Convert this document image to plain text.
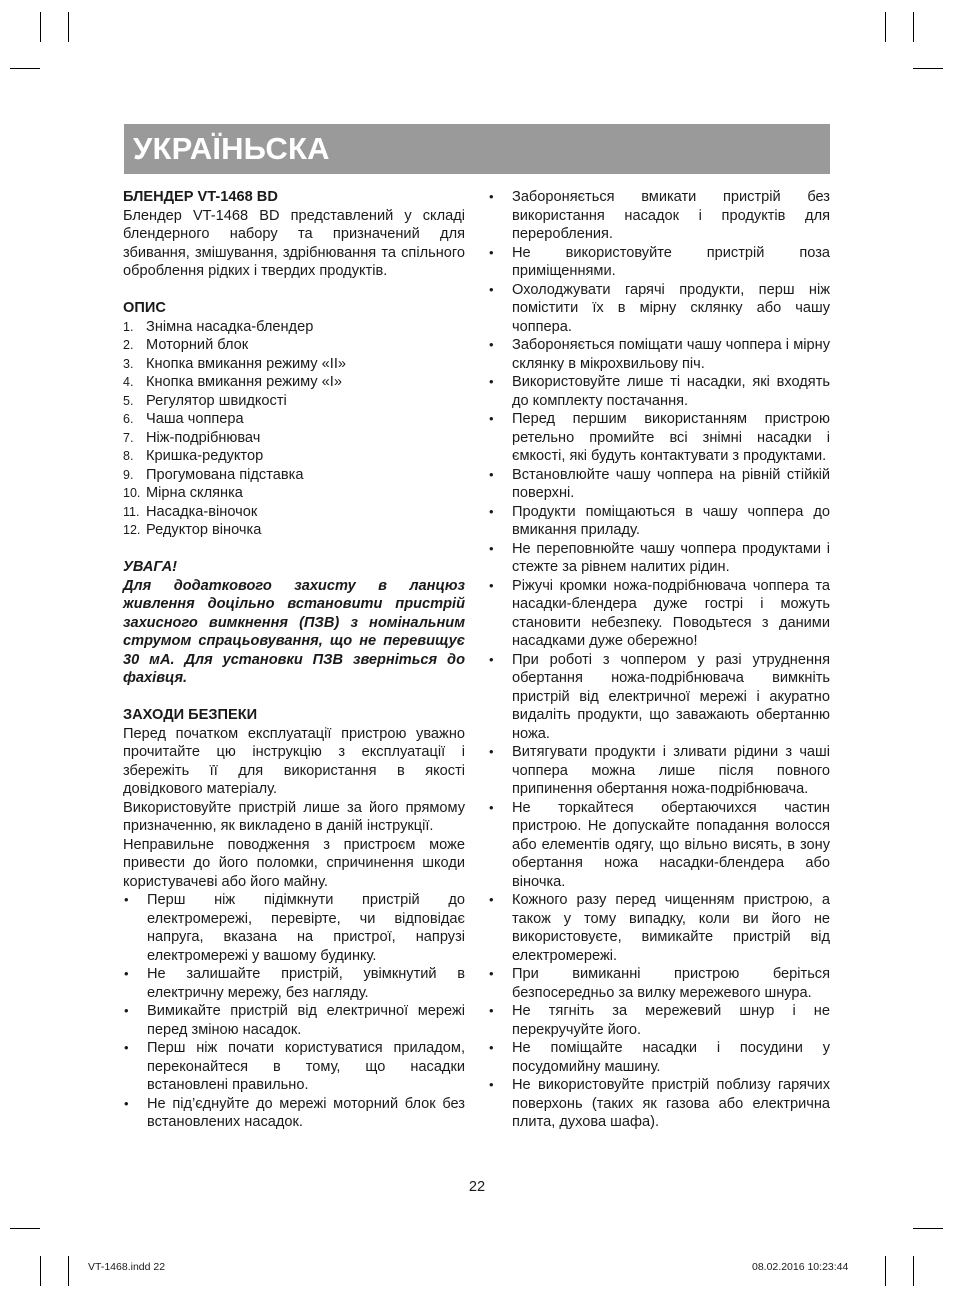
УКРАЇНЬСКА

БЛЕНДЕР VT-1468 BD

Блендер VT-1468 BD представлений у складі блендерного набору та призначений для збивання, змішування, здрібнювання та спільного оброблення рідких і твердих продуктів.

ОПИС

1. Знімна насадка-блендер
2. Моторний блок
3. Кнопка вмикання режиму «II»
4. Кнопка вмикання режиму «I»
5. Регулятор швидкості
6. Чаша чоппера
7. Ніж-подрібнювач
8. Кришка-редуктор
9. Прогумована підставка
10. Мірна склянка
11. Насадка-віночок
12. Редуктор віночка

УВАГА!

Для додаткового захисту в ланцюз живлення доцільно встановити пристрій захисного вимкнення (ПЗВ) з номінальним струмом спрацьовування, що не перевищує 30 мА. Для установки ПЗВ зверніться до фахівця.

ЗАХОДИ БЕЗПЕКИ

Перед початком експлуатації пристрою уважно прочитайте цю інструкцію з експлуатації і збережіть її для використання в якості довідкового матеріалу.

Використовуйте пристрій лише за його прямому призначенню, як викладено в даній інструкції.

Неправильне поводження з пристроєм може привести до його поломки, спричинення шкоди користувачеві або його майну.

•	Перш ніж підімкнути пристрій до електромережі, перевірте, чи відповідає напруга, вказана на пристрої, напрузі електромережі у вашому будинку.
•	Не залишайте пристрій, увімкнутий в електричну мережу, без нагляду.
•	Вимикайте пристрій від електричної мережі перед зміною насадок.
•	Перш ніж почати користуватися приладом, переконайтеся в тому, що насадки встановлені правильно.
•	Не під’єднуйте до мережі моторний блок без встановлених насадок.
•	Забороняється вмикати пристрій без використання насадок і продуктів для переробления.
•	Не використовуйте пристрій поза приміщеннями.
•	Охолоджувати гарячі продукти, перш ніж помістити їх в мірну склянку або чашу чоппера.
•	Забороняється поміщати чашу чоппера і мірну склянку в мікрохвильову піч.
•	Використовуйте лише ті насадки, які входять до комплекту постачання.
•	Перед першим використанням пристрою ретельно промийте всі знімні насадки і ємкості, які будуть контактувати з продуктами.
•	Встановлюйте чашу чоппера на рівній стійкій поверхні.
•	Продукти поміщаються в чашу чоппера до вмикання приладу.
•	Не переповнюйте чашу чоппера продуктами і стежте за рівнем налитих рідин.
•	Ріжучі кромки ножа-подрібнювача чоппера та насадки-блендера дуже гострі і можуть становити небезпеку. Поводьтеся з даними насадками дуже обережно!
•	При роботі з чоппером у разі утруднення обертання ножа-подрібнювача вимкніть пристрій від електричної мережі і акуратно видаліть продукти, що заважають обертанню ножа.
•	Витягувати продукти і зливати рідини з чаші чоппера можна лише після повного припинення обертання ножа-подрібнювача.
•	Не торкайтеся обертаючихся частин пристрою. Не допускайте попадання волосся або елементів одягу, що вільно висять, в зону обертання ножа насадки-блендера або віночка.
•	Кожного разу перед чищенням пристрою, а також у тому випадку, коли ви його не використовуєте, вимикайте пристрій від електромережі.
•	При вимиканні пристрою беріться безпосередньо за вилку мережевого шнура.
•	Не тягніть за мережевий шнур і не перекручуйте його.
•	Не поміщайте насадки і посудини у посудомийну машину.
•	Не використовуйте пристрій поблизу гарячих поверхонь (таких як газова або електрична плита, духова шафа).
22
VT-1468.indd 22	08.02.2016 10:23:44
